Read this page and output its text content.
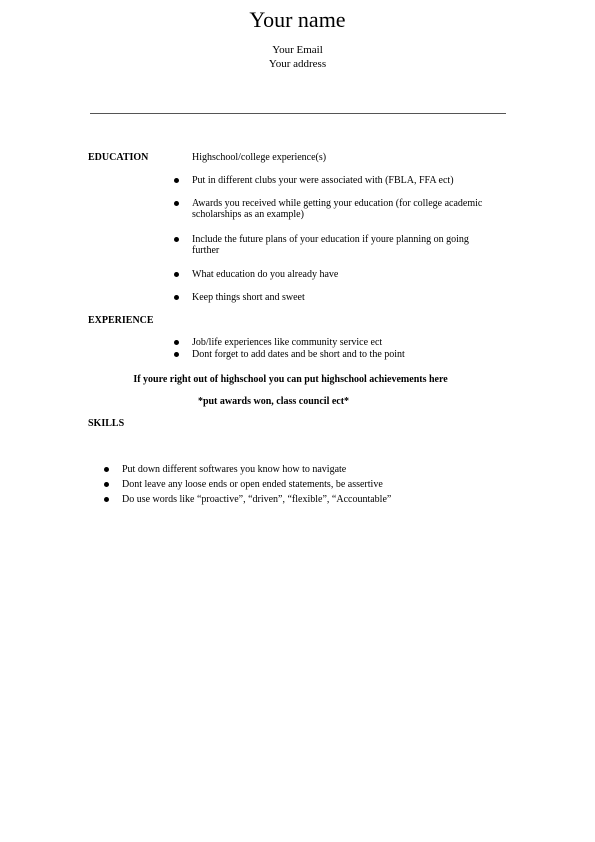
Your name
Your Email
Your address
EDUCATION	Highschool/college experience(s)
Put in different clubs your were associated with (FBLA, FFA ect)
Awards you received while getting your education (for college academic
scholarships as an example)
Include the future plans of your education if youre planning on going
further
What education do you already have
Keep things short and sweet
EXPERIENCE
Job/life experiences like community service ect
Dont forget to add dates and be short and to the point
If youre right out of highschool you can put highschool achievements here
*put awards won, class council ect*
SKILLS
Put down different softwares you know how to navigate
Dont leave any loose ends or open ended statements, be assertive
Do use words like “proactive”, “driven”, “flexible”, “Accountable”
